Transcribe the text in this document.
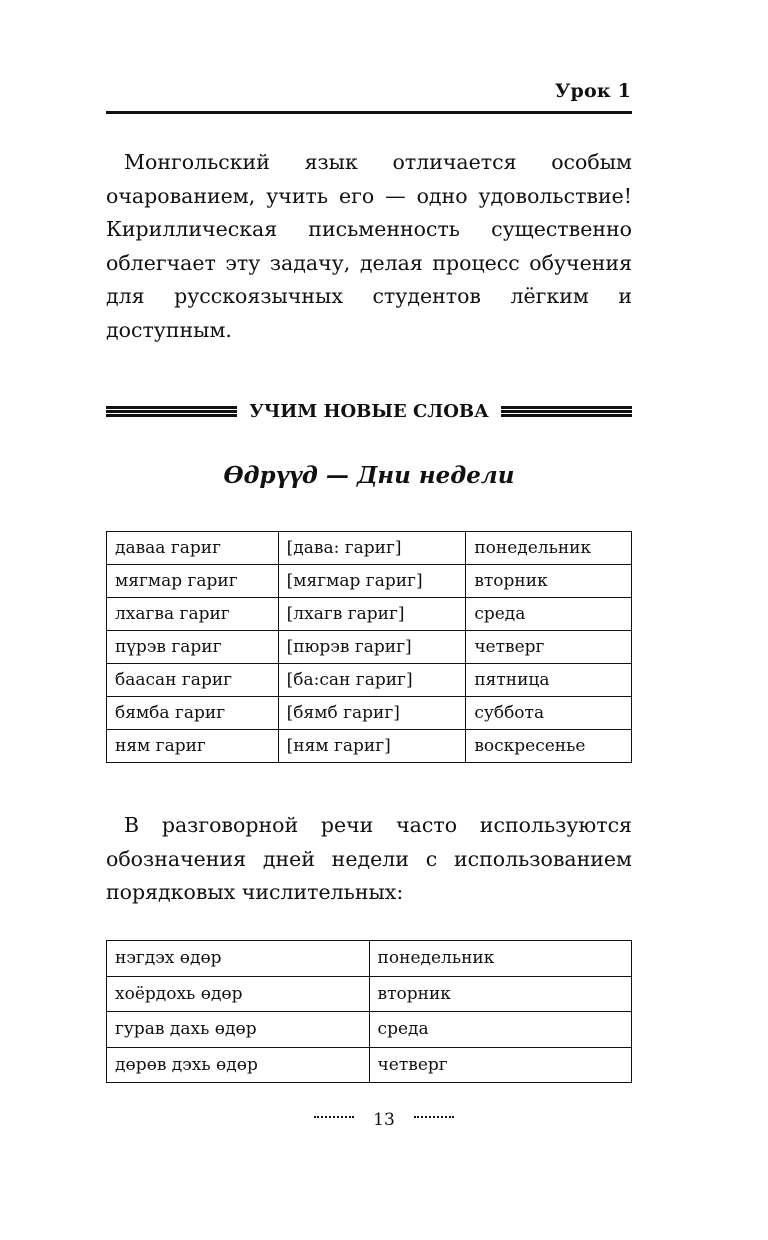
Урок 1

Монгольский язык отличается особым очарованием, учить его — одно удовольствие! Кириллическая письменность существенно облегчает эту задачу, делая процесс обучения для русскоязычных студентов лёгким и доступным.

УЧИМ НОВЫЕ СЛОВА
Өдрүүд — Дни недели
даваа гариг	[дава: гариг]	понедельник
мягмар гариг	[мягмар гариг]	вторник
лхагва гариг	[лхагв гариг]	среда
пүрэв гариг	[пюрэв гариг]	четверг
баасан гариг	[ба:сан гариг]	пятница
бямба гариг	[бямб гариг]	суббота
ням гариг	[ням гариг]	воскресенье

В разговорной речи часто используются обозначения дней недели с использованием порядковых числительных:

нэгдэх өдөр	понедельник
хоёрдохь өдөр	вторник
гурав дахь өдөр	среда
дөрөв дэхь өдөр	четверг
13
